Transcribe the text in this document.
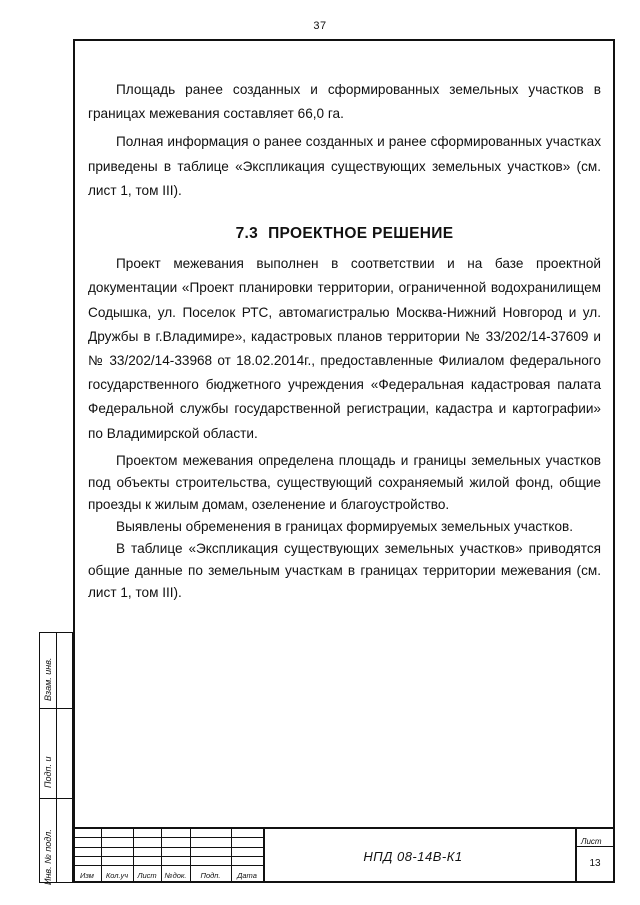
37

Площадь ранее созданных и сформированных земельных участков в границах межевания составляет 66,0 га.

Полная информация о ранее созданных и ранее сформированных участках приведены в таблице «Экспликация существующих земельных участков» (см. лист 1, том III).

7.3 ПРОЕКТНОЕ РЕШЕНИЕ

Проект межевания выполнен в соответствии и на базе проектной документации «Проект планировки территории, ограниченной водохранилищем Содышка, ул. Поселок РТС, автомагистралью Москва-Нижний Новгород и ул. Дружбы в г.Владимире», кадастровых планов территории № 33/202/14-37609 и № 33/202/14-33968 от 18.02.2014г., предоставленные Филиалом федерального государственного бюджетного учреждения «Федеральная кадастровая палата Федеральной службы государственной регистрации, кадастра и картографии» по Владимирской области.

Проектом межевания определена площадь и границы земельных участков под объекты строительства, существующий сохраняемый жилой фонд, общие проезды к жилым домам, озеленение и благоустройство.

Выявлены обременения в границах формируемых земельных участков.

В таблице «Экспликация существующих земельных участков» приводятся общие данные по земельным участкам в границах территории межевания (см. лист 1, том III).

Взам. инв.
Подп. и
Инв. № подл.	Изм	Кол.уч	Лист	№док.	Подп.	Дата
НПД 08-14В-К1
Лист
13
